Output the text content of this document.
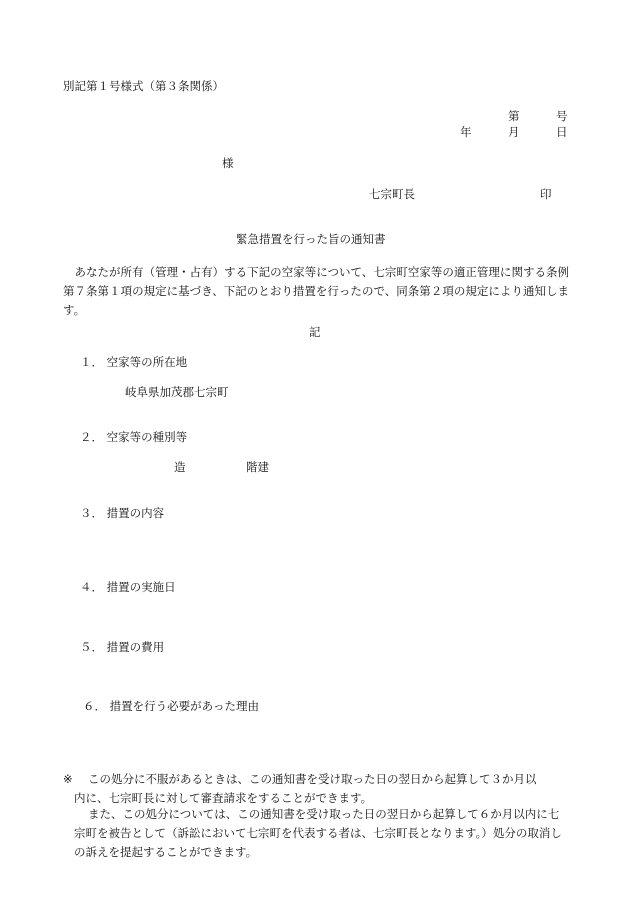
別記第１号様式（第３条関係）
第	号
年	月	日
様
七宗町長	印
緊急措置を行った旨の通知書
　あなたが所有（管理・占有）する下記の空家等について、七宗町空家等の適正管理に関する条例第７条第１項の規定に基づき、下記のとおり措置を行ったので、同条第２項の規定により通知します。
記
１． 空家等の所在地
岐阜県加茂郡七宗町
２． 空家等の種別等
造	階建
３． 措置の内容
４． 措置の実施日
５． 措置の費用
６． 措置を行う必要があった理由
※ この処分に不服があるときは、この通知書を受け取った日の翌日から起算して３か月以
内に、七宗町長に対して審査請求をすることができます。
また、この処分については、この通知書を受け取った日の翌日から起算して６か月以内に七宗町を被告として（訴訟において七宗町を代表する者は、七宗町長となります。）処分の取消しの訴えを提起することができます。
